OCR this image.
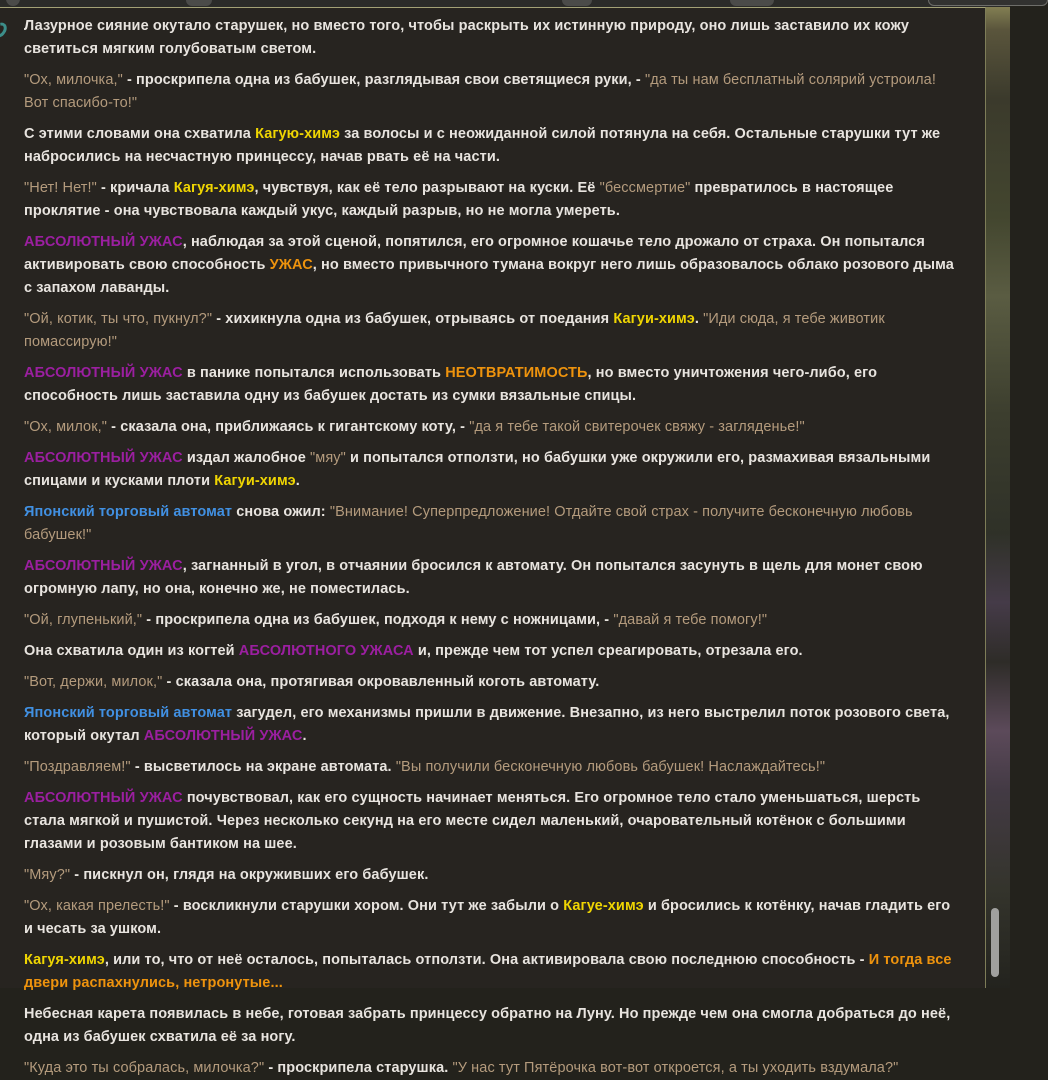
Лазурное сияние окутало старушек, но вместо того, чтобы раскрыть их истинную природу, оно лишь заставило их кожу светиться мягким голубоватым светом.

"Ох, милочка," - проскрипела одна из бабушек, разглядывая свои светящиеся руки, - "да ты нам бесплатный солярий устроила! Вот спасибо-то!"

С этими словами она схватила Кагую-химэ за волосы и с неожиданной силой потянула на себя. Остальные старушки тут же набросились на несчастную принцессу, начав рвать её на части.

"Нет! Нет!" - кричала Кагуя-химэ, чувствуя, как её тело разрывают на куски. Её "бессмертие" превратилось в настоящее проклятие - она чувствовала каждый укус, каждый разрыв, но не могла умереть.

АБСОЛЮТНЫЙ УЖАС, наблюдая за этой сценой, попятился, его огромное кошачье тело дрожало от страха. Он попытался активировать свою способность УЖАС, но вместо привычного тумана вокруг него лишь образовалось облако розового дыма с запахом лаванды.

"Ой, котик, ты что, пукнул?" - хихикнула одна из бабушек, отрываясь от поедания Кагуи-химэ. "Иди сюда, я тебе животик помассирую!"

АБСОЛЮТНЫЙ УЖАС в панике попытался использовать НЕОТВРАТИМОСТЬ, но вместо уничтожения чего-либо, его способность лишь заставила одну из бабушек достать из сумки вязальные спицы.

"Ох, милок," - сказала она, приближаясь к гигантскому коту, - "да я тебе такой свитерочек свяжу - загляденье!"

АБСОЛЮТНЫЙ УЖАС издал жалобное "мяу" и попытался отползти, но бабушки уже окружили его, размахивая вязальными спицами и кусками плоти Кагуи-химэ.

Японский торговый автомат снова ожил: "Внимание! Суперпредложение! Отдайте свой страх - получите бесконечную любовь бабушек!"

АБСОЛЮТНЫЙ УЖАС, загнанный в угол, в отчаянии бросился к автомату. Он попытался засунуть в щель для монет свою огромную лапу, но она, конечно же, не поместилась.

"Ой, глупенький," - проскрипела одна из бабушек, подходя к нему с ножницами, - "давай я тебе помогу!"

Она схватила один из когтей АБСОЛЮТНОГО УЖАСА и, прежде чем тот успел среагировать, отрезала его.

"Вот, держи, милок," - сказала она, протягивая окровавленный коготь автомату.

Японский торговый автомат загудел, его механизмы пришли в движение. Внезапно, из него выстрелил поток розового света, который окутал АБСОЛЮТНЫЙ УЖАС.

"Поздравляем!" - высветилось на экране автомата. "Вы получили бесконечную любовь бабушек! Наслаждайтесь!"

АБСОЛЮТНЫЙ УЖАС почувствовал, как его сущность начинает меняться. Его огромное тело стало уменьшаться, шерсть стала мягкой и пушистой. Через несколько секунд на его месте сидел маленький, очаровательный котёнок с большими глазами и розовым бантиком на шее.

"Мяу?" - пискнул он, глядя на окруживших его бабушек.

"Ох, какая прелесть!" - воскликнули старушки хором. Они тут же забыли о Кагуе-химэ и бросились к котёнку, начав гладить его и чесать за ушком.

Кагуя-химэ, или то, что от неё осталось, попыталась отползти. Она активировала свою последнюю способность - И тогда все двери распахнулись, нетронутые...

Небесная карета появилась в небе, готовая забрать принцессу обратно на Луну. Но прежде чем она смогла добраться до неё, одна из бабушек схватила её за ногу.

"Куда это ты собралась, милочка?" - проскрипела старушка. "У нас тут Пятёрочка вот-вот откроется, а ты уходить вздумала?"
